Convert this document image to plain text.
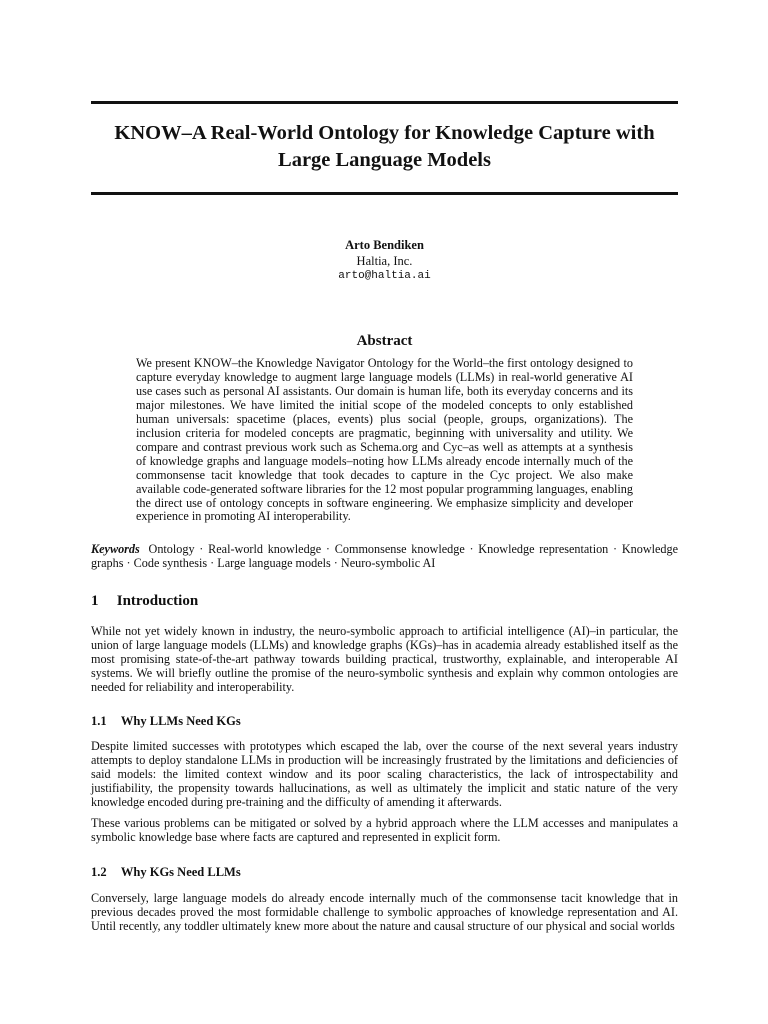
KNOW–A Real-World Ontology for Knowledge Capture with Large Language Models
Arto Bendiken
Haltia, Inc.
arto@haltia.ai
Abstract
We present KNOW–the Knowledge Navigator Ontology for the World–the first ontology designed to capture everyday knowledge to augment large language models (LLMs) in real-world generative AI use cases such as personal AI assistants. Our domain is human life, both its everyday concerns and its major milestones. We have limited the initial scope of the modeled concepts to only established human universals: spacetime (places, events) plus social (people, groups, organizations). The inclusion criteria for modeled concepts are pragmatic, beginning with universality and utility. We compare and contrast previous work such as Schema.org and Cyc–as well as attempts at a synthesis of knowledge graphs and language models–noting how LLMs already encode internally much of the commonsense tacit knowledge that took decades to capture in the Cyc project. We also make available code-generated software libraries for the 12 most popular programming languages, enabling the direct use of ontology concepts in software engineering. We emphasize simplicity and developer experience in promoting AI interoperability.
Keywords Ontology · Real-world knowledge · Commonsense knowledge · Knowledge representation · Knowledge graphs · Code synthesis · Large language models · Neuro-symbolic AI
1 Introduction
While not yet widely known in industry, the neuro-symbolic approach to artificial intelligence (AI)–in particular, the union of large language models (LLMs) and knowledge graphs (KGs)–has in academia already established itself as the most promising state-of-the-art pathway towards building practical, trustworthy, explainable, and interoperable AI systems. We will briefly outline the promise of the neuro-symbolic synthesis and explain why common ontologies are needed for reliability and interoperability.
1.1 Why LLMs Need KGs
Despite limited successes with prototypes which escaped the lab, over the course of the next several years industry attempts to deploy standalone LLMs in production will be increasingly frustrated by the limitations and deficiencies of said models: the limited context window and its poor scaling characteristics, the lack of introspectability and justifiability, the propensity towards hallucinations, as well as ultimately the implicit and static nature of the very knowledge encoded during pre-training and the difficulty of amending it afterwards.
These various problems can be mitigated or solved by a hybrid approach where the LLM accesses and manipulates a symbolic knowledge base where facts are captured and represented in explicit form.
1.2 Why KGs Need LLMs
Conversely, large language models do already encode internally much of the commonsense tacit knowledge that in previous decades proved the most formidable challenge to symbolic approaches of knowledge representation and AI. Until recently, any toddler ultimately knew more about the nature and causal structure of our physical and social worlds
